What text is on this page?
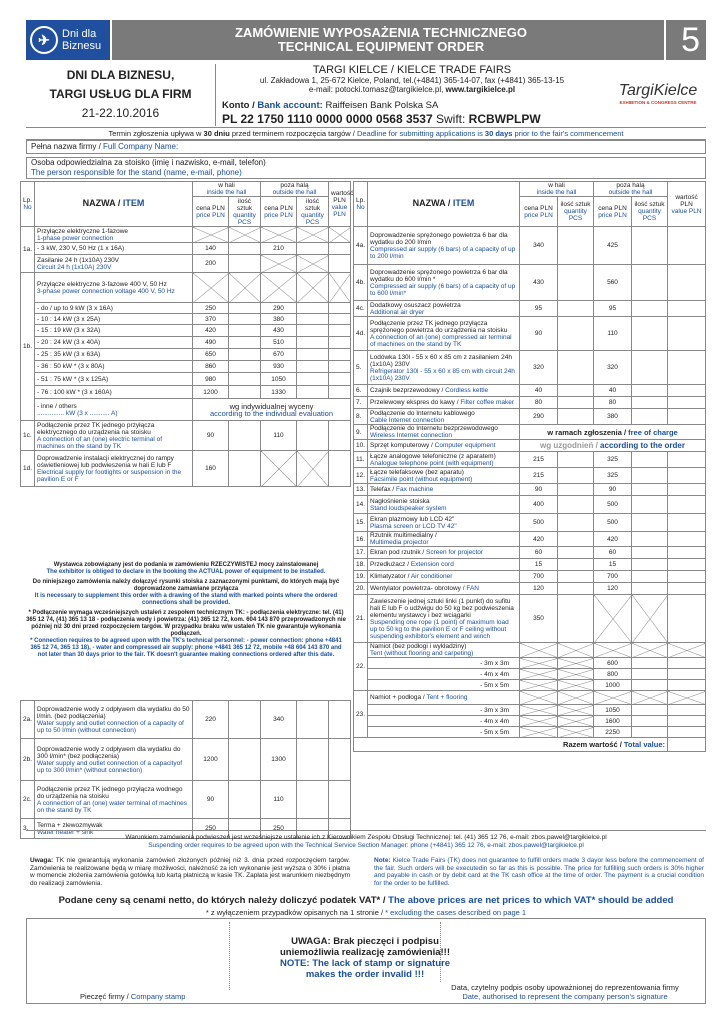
✈	Dni dla
Biznesu
ZAMÓWIENIE WYPOSAŻENIA TECHNICZNEGO
TECHNICAL EQUIPMENT ORDER	5
DNI DLA BIZNESU,
TARGI USŁUG DLA FIRM
21-22.10.2016
TARGI KIELCE / KIELCE TRADE FAIRS
ul. Zakładowa 1, 25-672 Kielce, Poland, tel.(+4841) 365-14-07, fax (+4841) 365-13-15
e-mail: potocki.tomasz@targikielce.pl, www.targikielce.pl
Konto / Bank account: Raiffeisen Bank Polska SA
PL 22 1750 1110 0000 0000 0568 3537 Swift: RCBWPLPW
TargiKielce
EXHIBITION & CONGRESS CENTRE
Termin zgłoszenia upływa w 30 dniu przed terminem rozpoczęcia targów / Deadline for submitting applications is 30 days prior to the fair's commencement
Pełna nazwa firmy / Full Company Name:
Osoba odpowiedzialna za stoisko (imię i nazwisko, e-mail, telefon)
The person responsible for the stand (name, e-mail, phone)
Lp.
No	NAZWA / ITEM	w hali
inside the hall		poza halą
outside the hall		wartość PLN
value PLN
		cena PLN
price PLN	ilość sztuk
quantity PCS	cena PLN
price PLN	ilość sztuk
quantity PCS	
1a.	Przyłącze elektryczne 1-fazowe
1-phase power connection					
	- 3 kW, 230 V, 50 Hz (1 x 16A)	140		210		
	Zasilanie 24 h (1x10A) 230V
Circuit 24 h (1x10A) 230V	200				
1b.	Przyłącze elektryczne 3-fazowe 400 V, 50 Hz
3-phase power connection voltage 400 V, 50 Hz					
	- do / up to 9 kW (3 x 16A)	250		290		
	- 10 : 14 kW (3 x 25A)	370		380		
	- 15 : 19 kW (3 x 32A)	420		430		
	- 20 : 24 kW (3 x 40A)	490		510		
	- 25 : 35 kW (3 x 63A)	650		670		
	- 36 : 50 kW * (3 x 80A)	860		930		
	- 51 : 75 kW * (3 x 125A)	980		1050		
	- 76 : 100 kW * (3 x 160A)	1200		1330		
	- inne / others
............... kW (3 x ........... A)	wg indywidualnej wyceny
according to the individual evaluation				
1c.	Podłączenie przez TK jednego przyłącza elektrycznego do urządzenia na stoisku
A connection of an (one) electric terminal of machines on the stand by TK	90		110		
1d.	Doprowadzenie instalacji elektrycznej do rampy oświetleniowej lub podwieszenia w hali E lub F
Electrical supply for footlights or suspension in the pavilion E or F	160				
Wystawca zobowiązany jest do podania w zamówieniu RZECZYWISTEJ mocy zainstalowanej
The exhibitor is obliged to declare in the booking the ACTUAL power of equipment to be installed.
Do niniejszego zamówienia należy dołączyć rysunki stoiska z zaznaczonymi punktami, do których mają być doprowadzone zamawiane przyłącza
It is necessary to supplement this order with a drawing of the stand with marked points where the ordered connections shall be provided.
* Podłączenie wymaga wcześniejszych ustaleń z zespołem technicznym TK: - podłączenia elektryczne: tel. (41) 365 12 74, (41) 365 13 18 - podłączenia wody i powietrza: (41) 365 12 72, kom. 604 143 870 przeprowadzonych nie później niż 30 dni przed rozpoczęciem targów. W przypadku braku w/w ustaleń TK nie gwarantuje wykonania podłączeń.
* Connection requires to be agreed upon with the TK's technical personnel: - power connection: phone +4841 365 12 74, 365 13 18), - water and compressed air supply: phone +4841 365 12 72, mobile +48 604 143 870 and not later than 30 days prior to the fair. TK doesn't guarantee making connections ordered after this date.
2a.	Doprowadzenie wody z odpływem dla wydatku do 50 l/min. (bez podłączenia)
Water supply and outlet connection of a capacity of up to 50 l/min (without connection)	220		340		
2b.	Doprowadzenie wody z odpływem dla wydatku do 300 l/min* (bez podłączenia)
Water supply and outlet connection of a capacityof up to 300 l/min* (without connection)	1200		1300		
2c.	Podłączenie przez TK jednego przyłącza wodnego do urządzenia na stoisku
A connection of an (one) water terminal of machines on the stand by TK	90		110		
3.	Terma + zlewozmywak
Water heater + sink	250		250		
Lp.
No	NAZWA / ITEM	w hali
inside the hall		poza halą
outside the hall		wartość PLN
value PLN
		cena PLN
price PLN	ilość sztuk
quantity PCS	cena PLN
price PLN	ilość sztuk
quantity PCS	
4a.	Doprowadzenie sprężonego powietrza 6 bar dla wydatku do 200 l/min
Compressed air supply (6 bars) of a capacity of up to 200 l/min	340		425		
4b.	Doprowadzenie sprężonego powietrza 6 bar dla wydatku do 600 l/min *
Compressed air supply (6 bars) of a capacity of up to 600 l/min*	430		560		
4c.	Dodatkowy osuszacz powietrza
Additional air dryer	95		95		
4d.	Podłączenie przez TK jednego przyłącza sprężonego powietrza do urządzenia na stoisku
A connection of an (one) compressed air terminal of machines on the stand by TK	90		110		
5.	Lodówka 130l - 55 x 60 x 85 cm z zasilaniem 24h (1x10A) 230V
Refrigerator 130l - 55 x 60 x 85 cm with circuit 24h (1x10A) 230V	320		320		
6.	Czajnik bezprzewodowy / Cordless kettle	40		40		
7.	Przelewowy ekspres do kawy / Filter coffee maker	80		80		
8.	Podłączenie do Internetu kablowego
Cable Internet connection	290		380		
9.	Podłączenie do Internetu bezprzewodowego
Wireless Internet connection	w ramach zgłoszenia / free of charge				
10.	Sprzęt komputerowy / Computer equipment	wg uzgodnień / according to the order				
11.	Łącze analogowe telefoniczne (z aparatem)
Analogue telephone point (with equipment)	215		325		
12.	Łącze telefaksowe (bez aparatu)
Facsimile point (without equipment)	215		325		
13.	Telefax / Fax machine	90		90		
14.	Nagłośnienie stoiska
Stand loudspeaker system	400		500		
15.	Ekran plazmowy lub LCD 42"
Plasma screen or LCD TV 42"	500		500		
16.	Rzutnik multimedialny /
Multimedia projector	420		420		
17.	Ekran pod rzutnik / Screen for projector	60		60		
18.	Przedłużacz / Extension cord	15		15		
19.	Klimatyzator / Air conditioner	700		700		
20.	Wentylator powietrza- obrotowy / FAN	120		120		
21.	Zawieszenie jednej sztuki linki (1 punkt) do sufitu hali E lub F o udźwigu do 50 kg bez podwieszenia elementu wystawcy i bez wciągarki
Suspending one rope (1 point) of maximum load up to 50 kg to the pavilion E or F ceiling without suspending exhibitor's element and winch	350				
22.	Namiot (bez podłogi i wykładziny)
Tent (without flooring and carpeting)					
	- 3m x 3m			600		
	- 4m x 4m			800		
	- 5m x 5m			1000		
23.	Namiot + podłoga / Tent + flooring					
	- 3m x 3m			1050		
	- 4m x 4m			1600		
	- 5m x 5m			2250		
Razem wartość / Total value:						
Warunkiem zamówienia podwieszeń jest wcześniejsze ustalenie ich z Kierownikiem Zespołu Obsługi Technicznej: tel. (41) 365 12 76, e-mail: zbos.pawel@targikielce.pl
Suspending order requires to be agreed upon with the Technical Service Section Manager: phone (+4841) 365 12 76, e-mail: zbos.pawel@targikielce.pl
Uwaga: TK nie gwarantują wykonania zamówień złożonych później niż 3. dnia przed rozpoczęciem targów. Zamówienia te realizowane będą w miarę możliwości, należność za ich wykonanie jest wyższa o 30% i płatna w momencie złożenia zamówienia gotówką lub kartą płatniczą w kasie TK. Zapłata jest warunkiem niezbędnym do realizacji zamówienia.
Note: Kielce Trade Fairs (TK) does not guarantee to fulfill orders made 3 dayor less before the commencement of the fair. Such orders will be executedin so far as this is possible. The price for fulfilling such orders is 30% higher and payable in cash or by debit card at the TK cash office at the time of order. The payment is a crucial condition for the order to be fulfilled.
Podane ceny są cenami netto, do których należy doliczyć podatek VAT* / The above prices are net prices to which VAT* should be added
* z wyłączeniem przypadków opisanych na 1 stronie / * excluding the cases described on page 1
UWAGA: Brak pieczęci i podpisu
uniemożliwia realizację zamówienia!!!
NOTE: The lack of stamp or signature
makes the order invalid !!!
Pieczęć firmy / Company stamp
Data, czytelny podpis osoby upoważnionej do reprezentowania firmy
Date, authorised to represent the company person's signature
